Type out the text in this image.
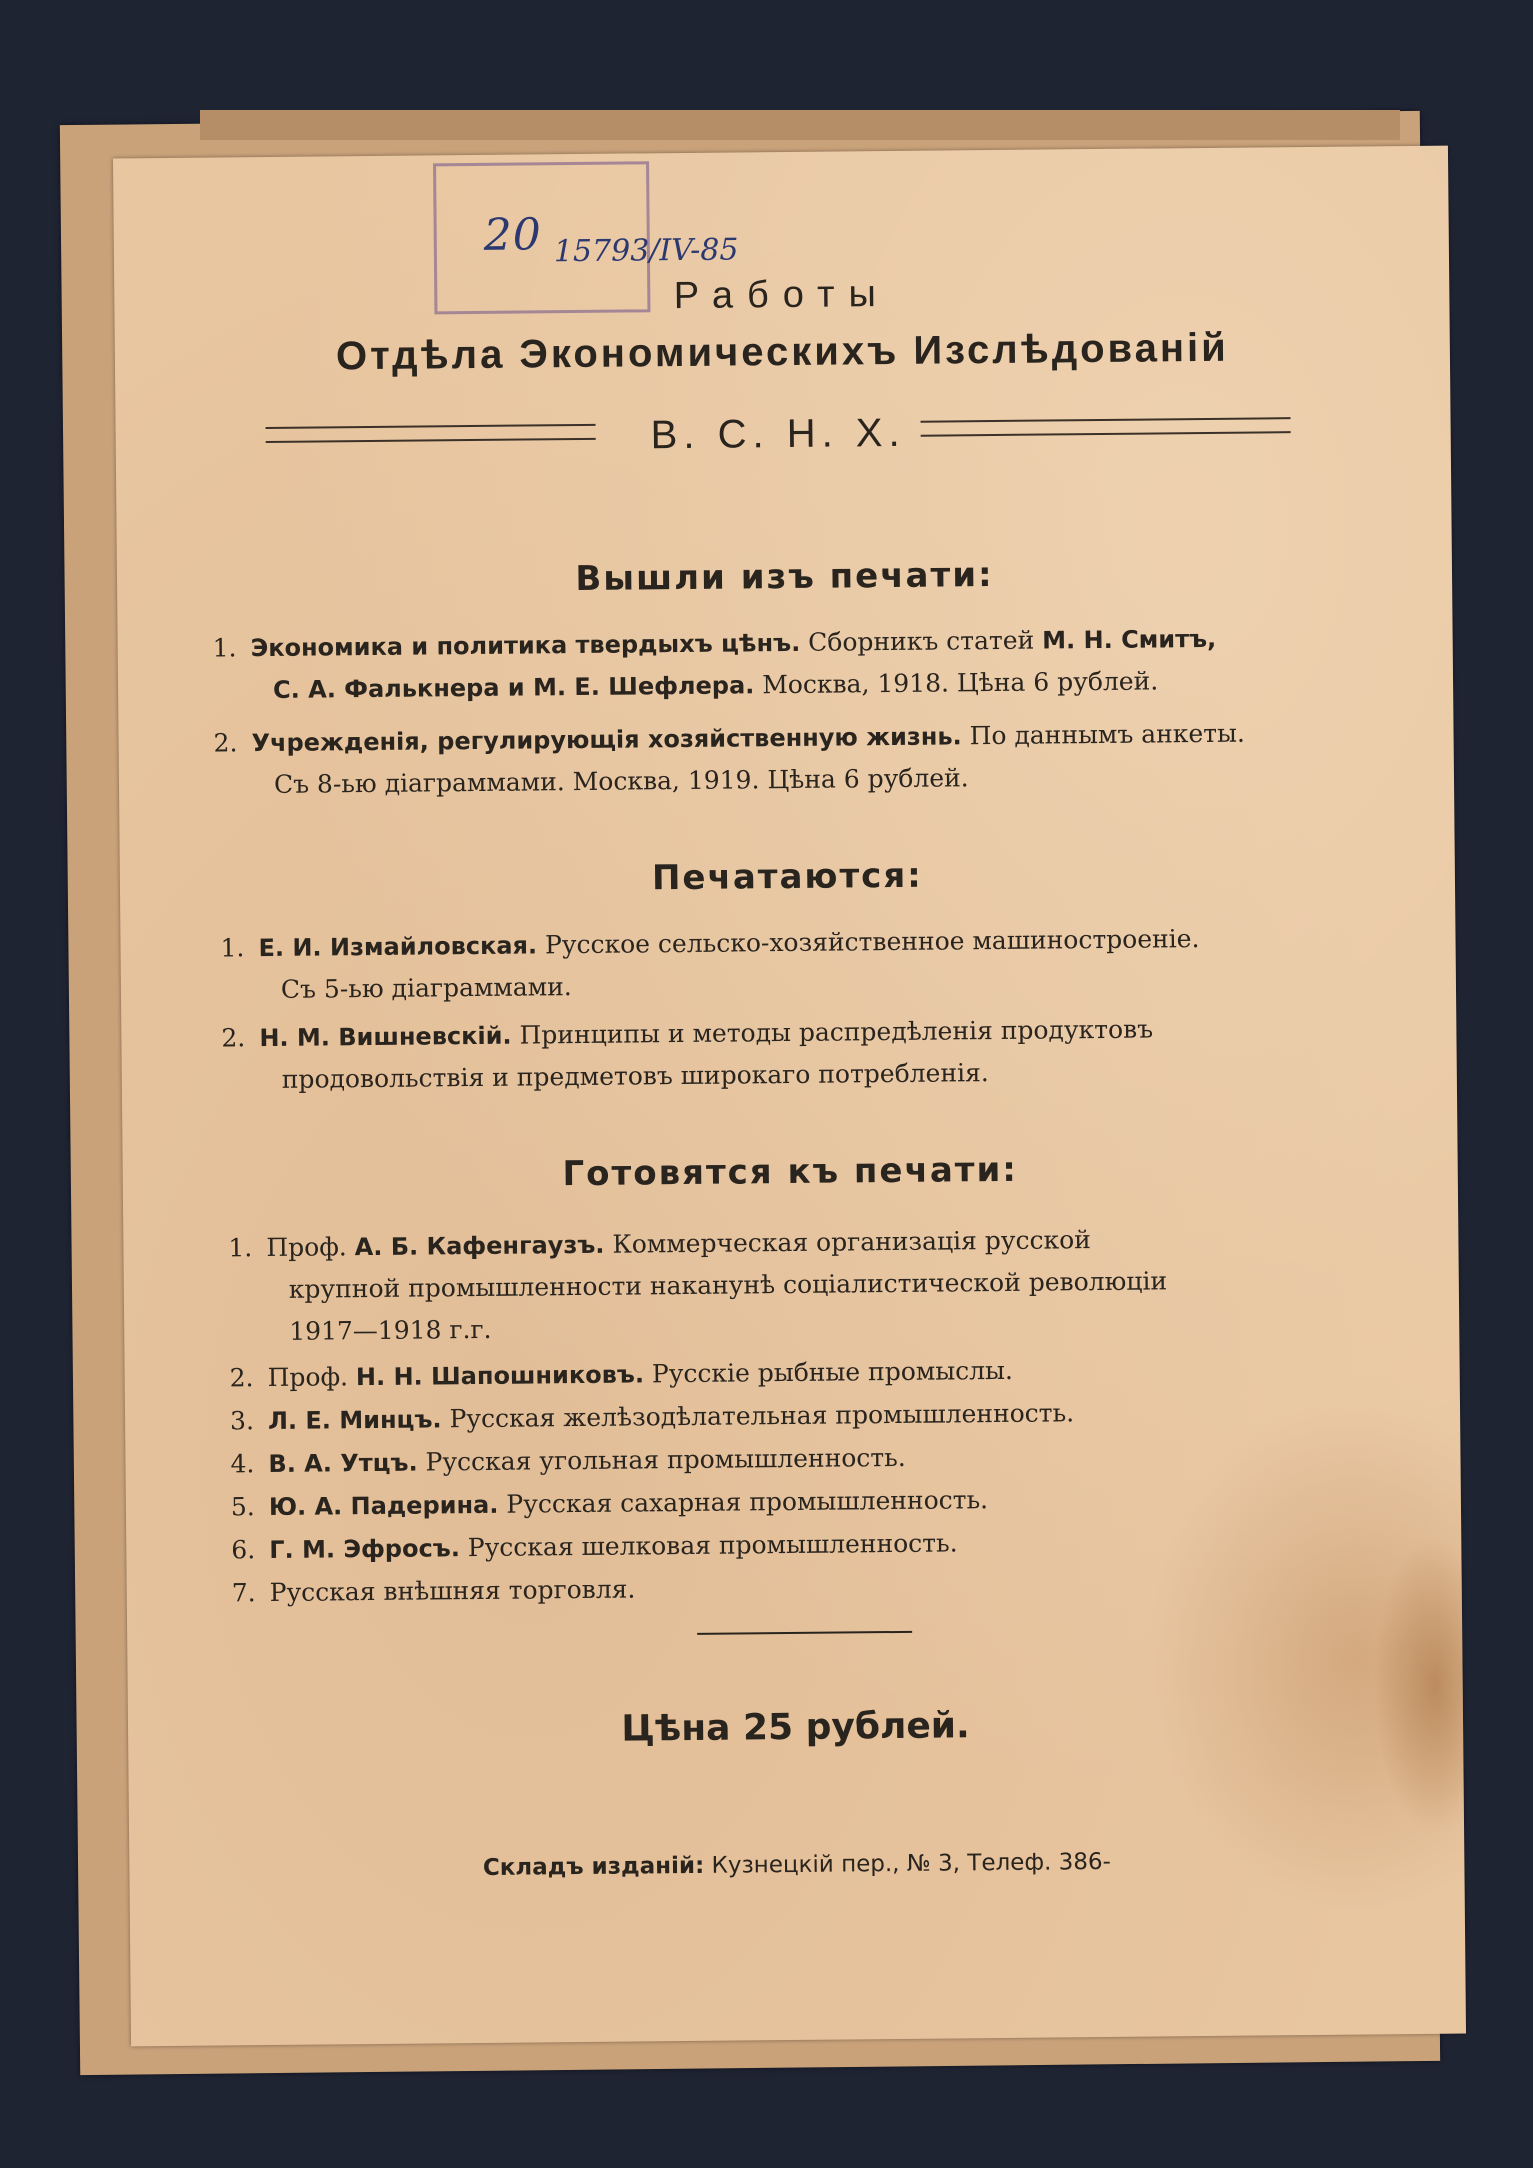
20 15793/IV-85
Работы
Отдѣла Экономическихъ Изслѣдованій
В. С. Н. Х.
Вышли изъ печати:
1. Экономика и политика твердыхъ цѣнъ. Сборникъ статей М. Н. Смитъ,
С. А. Фалькнера и М. Е. Шефлера. Москва, 1918. Цѣна 6 рублей.
2. Учрежденія, регулирующія хозяйственную жизнь. По даннымъ анкеты.
Съ 8-ью діаграммами. Москва, 1919. Цѣна 6 рублей.
Печатаются:
1. Е. И. Измайловская. Русское сельско-хозяйственное машиностроеніе.
Съ 5-ью діаграммами.
2. Н. М. Вишневскій. Принципы и методы распредѣленія продуктовъ
продовольствія и предметовъ широкаго потребленія.
Готовятся къ печати:
1. Проф. А. Б. Кафенгаузъ. Коммерческая организація русской
крупной промышленности наканунѣ соціалистической революціи
1917—1918 г.г.
2. Проф. Н. Н. Шапошниковъ. Русскіе рыбные промыслы.
3. Л. Е. Минцъ. Русская желѣзодѣлательная промышленность.
4. В. А. Утцъ. Русская угольная промышленность.
5. Ю. А. Падерина. Русская сахарная промышленность.
6. Г. М. Эфросъ. Русская шелковая промышленность.
7. Русская внѣшняя торговля.
Цѣна 25 рублей.
Складъ изданій: Кузнецкій пер., № 3, Телеф. 386-
